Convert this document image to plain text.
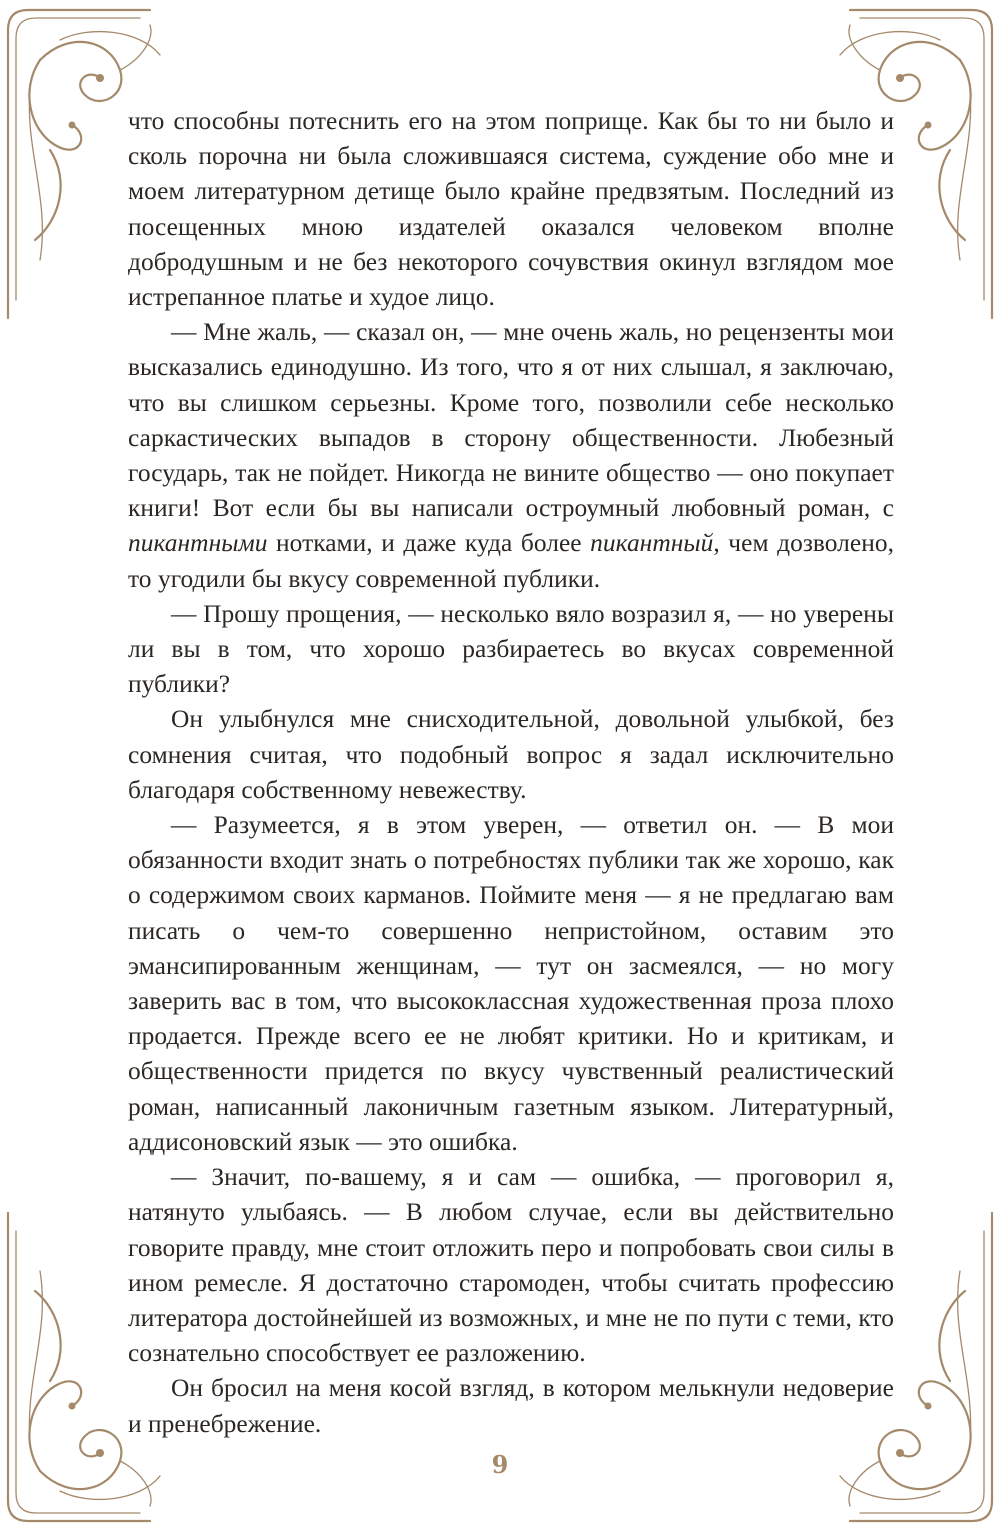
что способны потеснить его на этом поприще. Как бы то ни было и сколь порочна ни была сложившаяся система, суждение обо мне и моем литературном детище было крайне предвзятым. Последний из посещенных мною издателей оказался человеком вполне добродушным и не без некоторого сочувствия окинул взглядом мое истрепанное платье и худое лицо.

— Мне жаль, — сказал он, — мне очень жаль, но рецензенты мои высказались единодушно. Из того, что я от них слышал, я заключаю, что вы слишком серьезны. Кроме того, позволили себе несколько саркастических выпадов в сторону общественности. Любезный государь, так не пойдет. Никогда не вините общество — оно покупает книги! Вот если бы вы написали остроумный любовный роман, с пикантными нотками, и даже куда более пикантный, чем дозволено, то угодили бы вкусу современной публики.

— Прошу прощения, — несколько вяло возразил я, — но уверены ли вы в том, что хорошо разбираетесь во вкусах современной публики?

Он улыбнулся мне снисходительной, довольной улыбкой, без сомнения считая, что подобный вопрос я задал исключительно благодаря собственному невежеству.

— Разумеется, я в этом уверен, — ответил он. — В мои обязанности входит знать о потребностях публики так же хорошо, как о содержимом своих карманов. Поймите меня — я не предлагаю вам писать о чем-то совершенно непристойном, оставим это эмансипированным женщинам, — тут он засмеялся, — но могу заверить вас в том, что высококлассная художественная проза плохо продается. Прежде всего ее не любят критики. Но и критикам, и общественности придется по вкусу чувственный реалистический роман, написанный лаконичным газетным языком. Литературный, аддисоновский язык — это ошибка.

— Значит, по-вашему, я и сам — ошибка, — проговорил я, натянуто улыбаясь. — В любом случае, если вы действительно говорите правду, мне стоит отложить перо и попробовать свои силы в ином ремесле. Я достаточно старомоден, чтобы считать профессию литератора достойнейшей из возможных, и мне не по пути с теми, кто сознательно способствует ее разложению.

Он бросил на меня косой взгляд, в котором мелькнули недоверие и пренебрежение.

9
